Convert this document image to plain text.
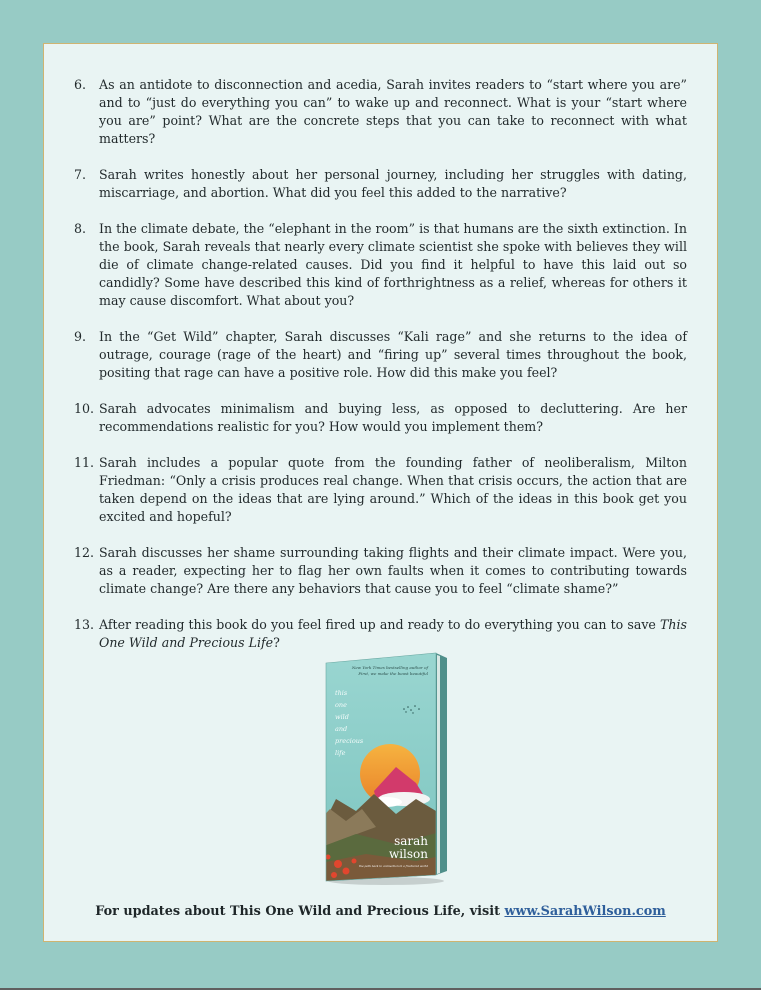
6. As an antidote to disconnection and acedia, Sarah invites readers to “start where you are” and to “just do everything you can” to wake up and reconnect. What is your “start where you are” point? What are the concrete steps that you can take to reconnect with what matters?
7. Sarah writes honestly about her personal journey, including her struggles with dating, miscarriage, and abortion. What did you feel this added to the narrative?
8. In the climate debate, the “elephant in the room” is that humans are the sixth extinction. In the book, Sarah reveals that nearly every climate scientist she spoke with believes they will die of climate change-related causes. Did you find it helpful to have this laid out so candidly? Some have described this kind of forthrightness as a relief, whereas for others it may cause discomfort. What about you?
9. In the “Get Wild” chapter, Sarah discusses “Kali rage” and she returns to the idea of outrage, courage (rage of the heart) and “firing up” several times throughout the book, positing that rage can have a positive role. How did this make you feel?
10. Sarah advocates minimalism and buying less, as opposed to decluttering. Are her recommendations realistic for you? How would you implement them?
11. Sarah includes a popular quote from the founding father of neoliberalism, Milton Friedman: “Only a crisis produces real change. When that crisis occurs, the action that are taken depend on the ideas that are lying around.” Which of the ideas in this book get you excited and hopeful?
12. Sarah discusses her shame surrounding taking flights and their climate impact. Were you, as a reader, expecting her to flag her own faults when it comes to contributing towards climate change? Are there any behaviors that cause you to feel “climate shame?”
13. After reading this book do you feel fired up and ready to do everything you can to save This One Wild and Precious Life?
New York Times bestselling author of
First, we make the beast beautiful
this
one
wild
and
precious
life
sarah
wilson
the path back to connection in a fractured world
For updates about This One Wild and Precious Life, visit www.SarahWilson.com
